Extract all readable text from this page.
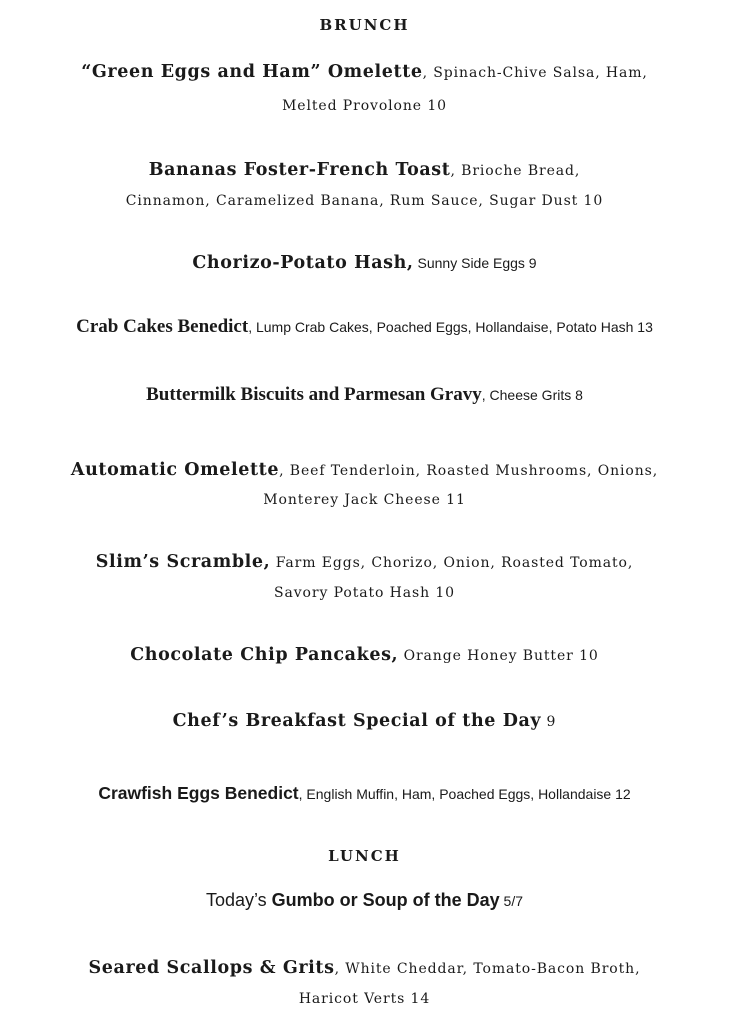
BRUNCH
“Green Eggs and Ham” Omelette, Spinach-Chive Salsa, Ham,
Melted Provolone 10
Bananas Foster-French Toast, Brioche Bread,
Cinnamon, Caramelized Banana, Rum Sauce, Sugar Dust 10
Chorizo-Potato Hash, Sunny Side Eggs 9
Crab Cakes Benedict, Lump Crab Cakes, Poached Eggs, Hollandaise, Potato Hash 13
Buttermilk Biscuits and Parmesan Gravy, Cheese Grits 8
Automatic Omelette, Beef Tenderloin, Roasted Mushrooms, Onions,
Monterey Jack Cheese 11
Slim’s Scramble, Farm Eggs, Chorizo, Onion, Roasted Tomato,
Savory Potato Hash 10
Chocolate Chip Pancakes, Orange Honey Butter 10
Chef’s Breakfast Special of the Day 9
Crawfish Eggs Benedict, English Muffin, Ham, Poached Eggs, Hollandaise 12
LUNCH
Today’s Gumbo or Soup of the Day 5/7
Seared Scallops & Grits, White Cheddar, Tomato-Bacon Broth,
Haricot Verts 14
